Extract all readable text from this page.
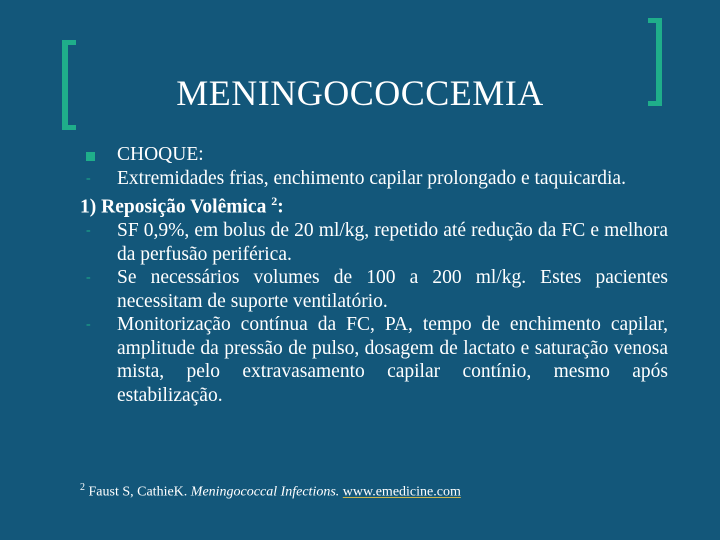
MENINGOCOCCEMIA
CHOQUE:
- Extremidades frias, enchimento capilar prolongado e taquicardia.
1) Reposição Volêmica $^2$:
- SF 0,9%, em bolus de 20 ml/kg, repetido até redução da FC e melhora da perfusão periférica.
- Se necessários volumes de 100 a 200 ml/kg. Estes pacientes necessitam de suporte ventilatório.
- Monitorização contínua da FC, PA, tempo de enchimento capilar, amplitude da pressão de pulso, dosagem de lactato e saturação venosa mista, pelo extravasamento capilar contínio, mesmo após estabilização.
$^2$ Faust S, CathieK. Meningococcal Infections. www.emedicine.com
